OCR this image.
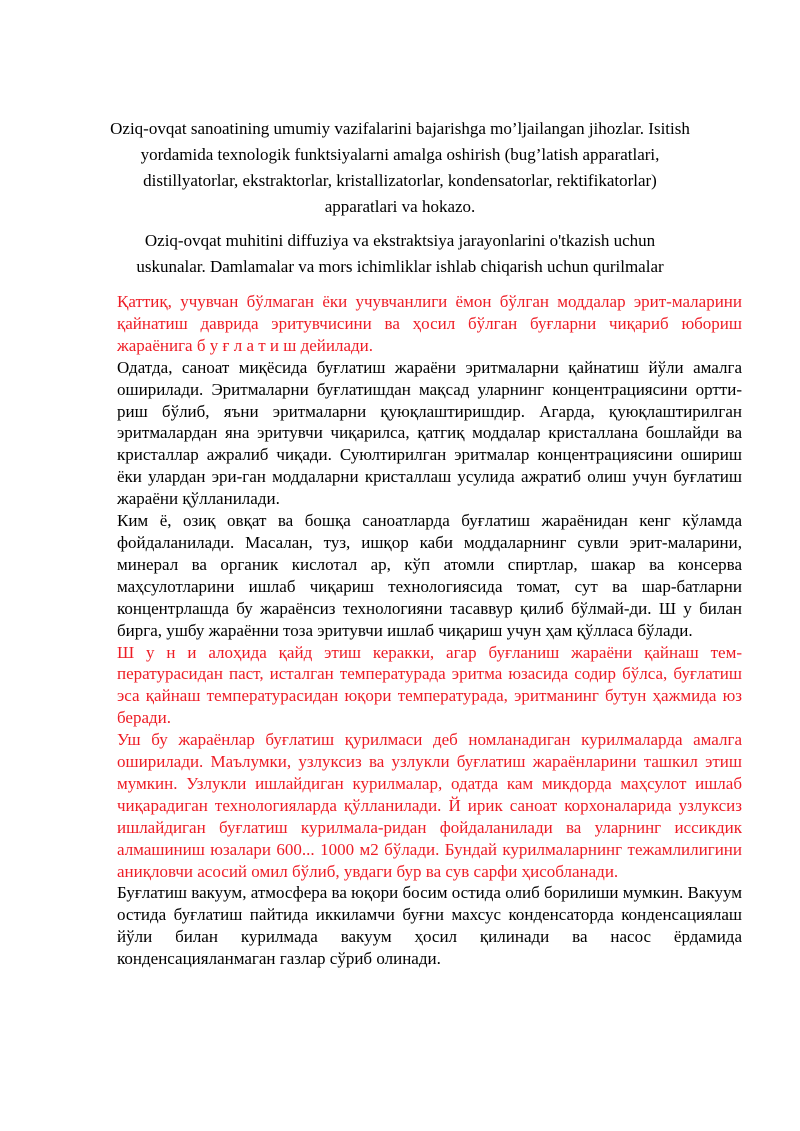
Oziq-ovqat sanoatining umumiy vazifalarini bajarishga mo’ljailangan jihozlar. Isitish yordamida texnologik funktsiyalarni amalga oshirish (bug’latish apparatlari, distillyatorlar, ekstraktorlar, kristallizatorlar, kondensatorlar, rektifikatorlar) apparatlari va hokazo.

Oziq-ovqat muhitini diffuziya va ekstraktsiya jarayonlarini o'tkazish uchun uskunalar. Damlamalar va mors ichimliklar ishlab chiqarish uchun qurilmalar

Қаттиқ, учувчан бўлмаган ёки учувчанлиги ёмон бўлган моддалар эрит-маларини қайнатиш даврида эритувчисини ва ҳосил бўлган буғларни чиқариб юбориш жараёнига б у ғ л а т и ш дейилади.

Одатда, саноат миқёсида буғлатиш жараёни эритмаларни қайнатиш йўли амалга оширилади. Эритмаларни буғлатишдан мақсад уларнинг концентрациясини ортти-риш бўлиб, яъни эритмаларни қуюқлаштиришдир. Агарда, қуюқлаштирилган эритмалардан яна эритувчи чиқарилса, қатгиқ моддалар кристаллана бошлайди ва кристаллар ажралиб чиқади. Суюлтирилган эритмалар концентрациясини ошириш ёки улардан эри-ган моддаларни кристаллаш усулида ажратиб олиш учун буғлатиш жараёни қўлланилади.

Ким ё, озиқ овқат ва бошқа саноатларда буғлатиш жараёнидан кенг кўламда фойдаланилади. Масалан, туз, ишқор каби моддаларнинг сувли эрит-маларини, минерал ва органик кислотал ар, кўп атомли спиртлар, шакар ва консерва маҳсулотларини ишлаб чиқариш технологиясида томат, сут ва шар-батларни концентрлашда бу жараёнсиз технологияни тасаввур қилиб бўлмай-ди. Ш у билан бирга, ушбу жараённи тоза эритувчи ишлаб чиқариш учун ҳам қўлласа бўлади.

Ш у н и алоҳида қайд этиш керакки, агар буғланиш жараёни қайнаш тем-пературасидан паст, исталган температурада эритма юзасида содир бўлса, буғлатиш эса қайнаш температурасидан юқори температурада, эритманинг бутун ҳажмида юз беради.

Уш бу жараёнлар буғлатиш қурилмаси деб номланадиган курилмаларда амалга оширилади. Маълумки, узлуксиз ва узлукли буғлатиш жараёнларини ташкил этиш мумкин. Узлукли ишлайдиган курилмалар, одатда кам микдорда маҳсулот ишлаб чиқарадиган технологияларда қўлланилади. Й ирик саноат корхоналарида узлуксиз ишлайдиган буғлатиш курилмала-ридан фойдаланилади ва уларнинг иссикдик алмашиниш юзалари 600... 1000 м2 бўлади. Бундай курилмаларнинг тежамлилигини аниқловчи асосий омил бўлиб, увдаги бур ва сув сарфи ҳисобланади.

Буғлатиш вакуум, атмосфера ва юқори босим остида олиб борилиши мумкин. Вакуум остида буғлатиш пайтида иккиламчи буғни махсус конденсаторда конденсациялаш йўли билан курилмада вакуум ҳосил қилинади ва насос ёрдамида конденсацияланмаган газлар сўриб олинади.
